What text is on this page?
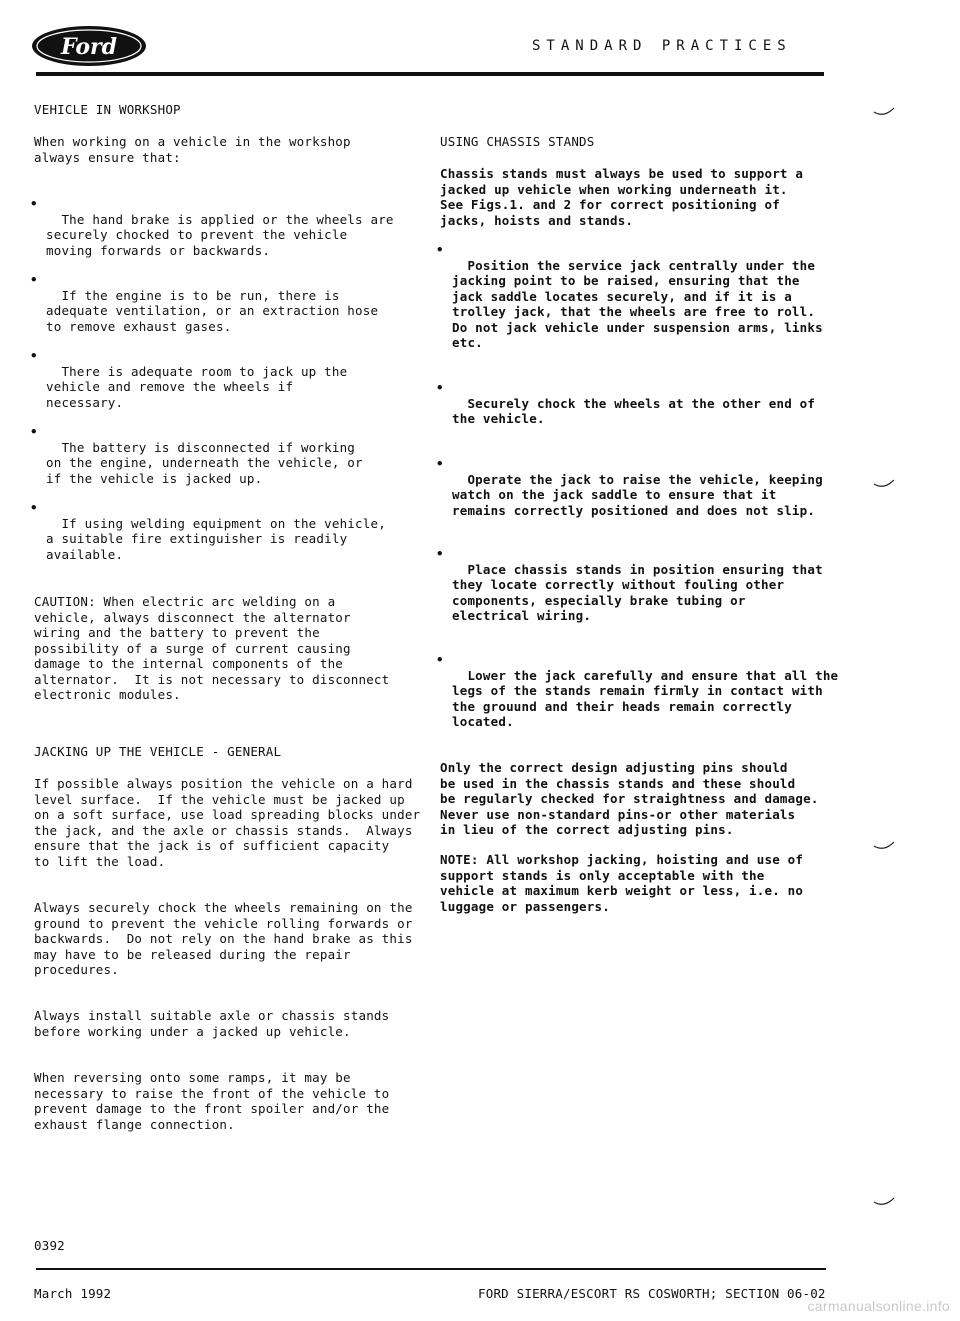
Ford	STANDARD PRACTICES
VEHICLE IN WORKSHOP
When working on a vehicle in the workshop
always ensure that:

•
The hand brake is applied or the wheels are
securely chocked to prevent the vehicle
moving forwards or backwards.

•
If the engine is to be run, there is
adequate ventilation, or an extraction hose
to remove exhaust gases.

•
There is adequate room to jack up the
vehicle and remove the wheels if
necessary.

•
The battery is disconnected if working
on the engine, underneath the vehicle, or
if the vehicle is jacked up.

•
If using welding equipment on the vehicle,
a suitable fire extinguisher is readily
available.
CAUTION: When electric arc welding on a
vehicle, always disconnect the alternator
wiring and the battery to prevent the
possibility of a surge of current causing
damage to the internal components of the
alternator.  It is not necessary to disconnect
electronic modules.
JACKING UP THE VEHICLE - GENERAL
If possible always position the vehicle on a hard
level surface.  If the vehicle must be jacked up
on a soft surface, use load spreading blocks under
the jack, and the axle or chassis stands.  Always
ensure that the jack is of sufficient capacity
to lift the load.
Always securely chock the wheels remaining on the
ground to prevent the vehicle rolling forwards or
backwards.  Do not rely on the hand brake as this
may have to be released during the repair
procedures.
Always install suitable axle or chassis stands
before working under a jacked up vehicle.
When reversing onto some ramps, it may be
necessary to raise the front of the vehicle to
prevent damage to the front spoiler and/or the
exhaust flange connection.
USING CHASSIS STANDS
Chassis stands must always be used to support a
jacked up vehicle when working underneath it.
See Figs.1. and 2 for correct positioning of
jacks, hoists and stands.

•
Position the service jack centrally under the
jacking point to be raised, ensuring that the
jack saddle locates securely, and if it is a
trolley jack, that the wheels are free to roll.
Do not jack vehicle under suspension arms, links
etc.

•
Securely chock the wheels at the other end of
the vehicle.

•
Operate the jack to raise the vehicle, keeping
watch on the jack saddle to ensure that it
remains correctly positioned and does not slip.

•
Place chassis stands in position ensuring that
they locate correctly without fouling other
components, especially brake tubing or
electrical wiring.

•
Lower the jack carefully and ensure that all the
legs of the stands remain firmly in contact with
the grouund and their heads remain correctly
located.
Only the correct design adjusting pins should
be used in the chassis stands and these should
be regularly checked for straightness and damage.
Never use non-standard pins-or other materials
in lieu of the correct adjusting pins.
NOTE: All workshop jacking, hoisting and use of
support stands is only acceptable with the
vehicle at maximum kerb weight or less, i.e. no
luggage or passengers.
0392
March 1992	FORD SIERRA/ESCORT RS COSWORTH; SECTION 06-02
carmanualsonline.info
